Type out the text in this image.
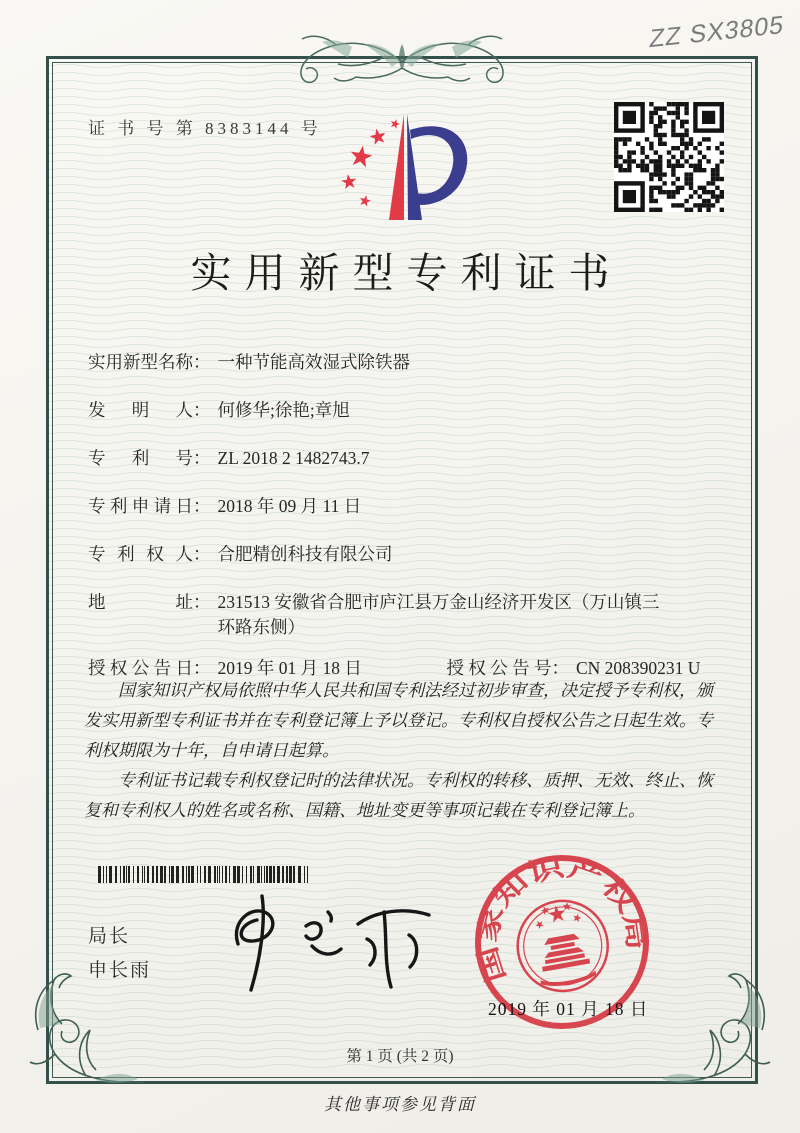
ZZ SX3805
证 书 号 第 8383144 号
实用新型专利证书
实用新型名称 ： 一种节能高效湿式除铁器
发明人 ： 何修华;徐艳;章旭
专利号 ： ZL 2018 2 1482743.7
专利申请日 ： 2018 年 09 月 11 日
专利权人 ： 合肥精创科技有限公司
地址 ： 231513 安徽省合肥市庐江县万金山经济开发区（万山镇三环路东侧）
授权公告日 ： 2019 年 01 月 18 日	授权公告号 ： CN 208390231 U

国家知识产权局依照中华人民共和国专利法经过初步审查，决定授予专利权，颁发实用新型专利证书并在专利登记簿上予以登记。专利权自授权公告之日起生效。专利权期限为十年，自申请日起算。

专利证书记载专利权登记时的法律状况。专利权的转移、质押、无效、终止、恢复和专利权人的姓名或名称、国籍、地址变更等事项记载在专利登记簿上。

局长
申长雨	国家知识产权局
2019 年 01 月 18 日
第 1 页 (共 2 页)
其他事项参见背面
